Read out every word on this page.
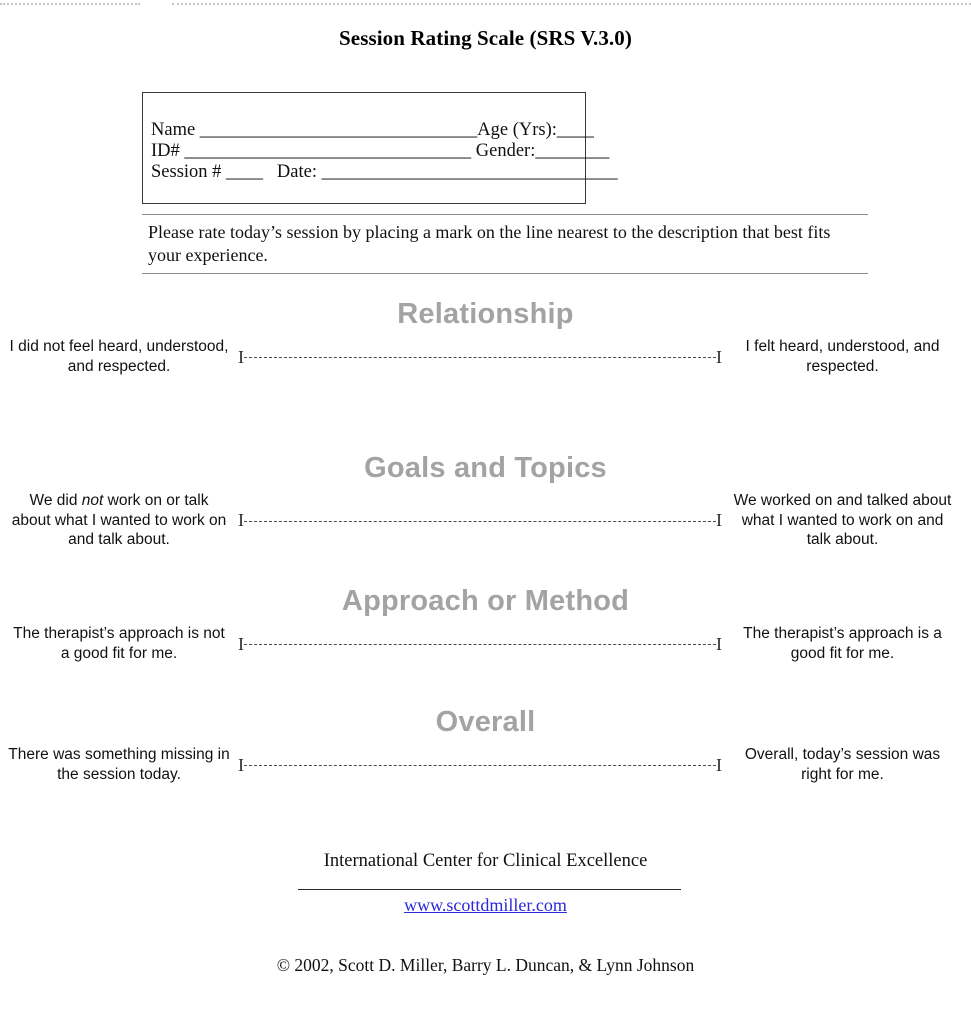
Session Rating Scale (SRS V.3.0)
Name ______________________________Age (Yrs):____
ID# _______________________________ Gender:________
Session # ____   Date: ________________________________
Please rate today’s session by placing a mark on the line nearest to the description that best fits your experience.
Relationship
I did not feel heard, understood, and respected.	I	I	I felt heard, understood, and respected.
Goals and Topics
We did not work on or talk about what I wanted to work on and talk about.
I	I
We worked on and talked about what I wanted to work on and talk about.
Approach or Method
The therapist’s approach is not a good fit for me.	I	I	The therapist’s approach is a good fit for me.
Overall
There was something missing in the session today.	I	I	Overall, today’s session was right for me.
International Center for Clinical Excellence
www.scottdmiller.com
© 2002, Scott D. Miller, Barry L. Duncan, & Lynn Johnson
